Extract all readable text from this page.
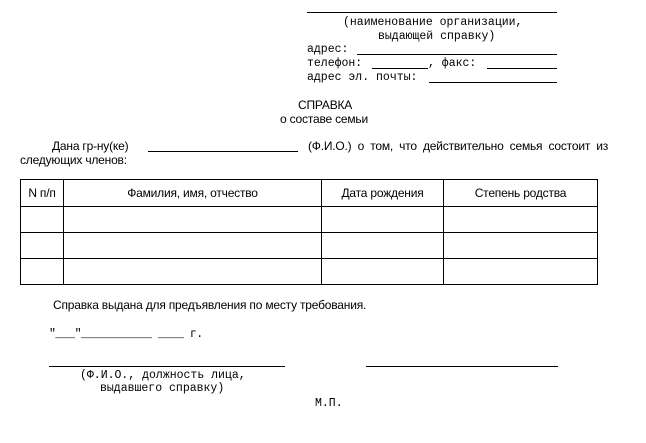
(наименование организации,
выдающей справку)
адрес:
телефон:	, факс:
адрес эл. почты:
СПРАВКА
о составе семьи
Дана гр-ну(ке)	(Ф.И.О.) о том, что действительно семья состоит из
следующих членов:
N п/п	Фамилия, имя, отчество	Дата рождения	Степень родства

Справка выдана для предъявления по месту требования.
"___"___________ ____ г.
(Ф.И.О., должность лица,
выдавшего справку)
М.П.
